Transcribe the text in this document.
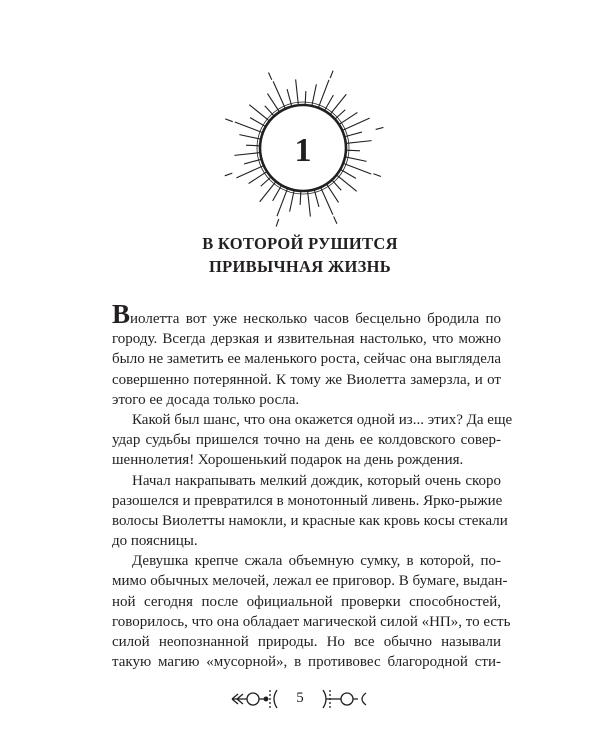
1
В КОТОРОЙ РУШИТСЯ
ПРИВЫЧНАЯ ЖИЗНЬ
Виолетта вот уже несколько часов бесцельно бродила по
городу. Всегда дерзкая и язвительная настолько, что можно
было не заметить ее маленького роста, сейчас она выглядела
совершенно потерянной. К тому же Виолетта замерзла, и от
этого ее досада только росла.
Какой был шанс, что она окажется одной из... этих? Да еще
удар судьбы пришелся точно на день ее колдовского совер-
шеннолетия! Хорошенький подарок на день рождения.
Начал накрапывать мелкий дождик, который очень скоро
разошелся и превратился в монотонный ливень. Ярко-рыжие
волосы Виолетты намокли, и красные как кровь косы стекали
до поясницы.
Девушка крепче сжала объемную сумку, в которой, по-
мимо обычных мелочей, лежал ее приговор. В бумаге, выдан-
ной сегодня после официальной проверки способностей,
говорилось, что она обладает магической силой «НП», то есть
силой неопознанной природы. Но все обычно называли
такую магию «мусорной», в противовес благородной сти-
5
